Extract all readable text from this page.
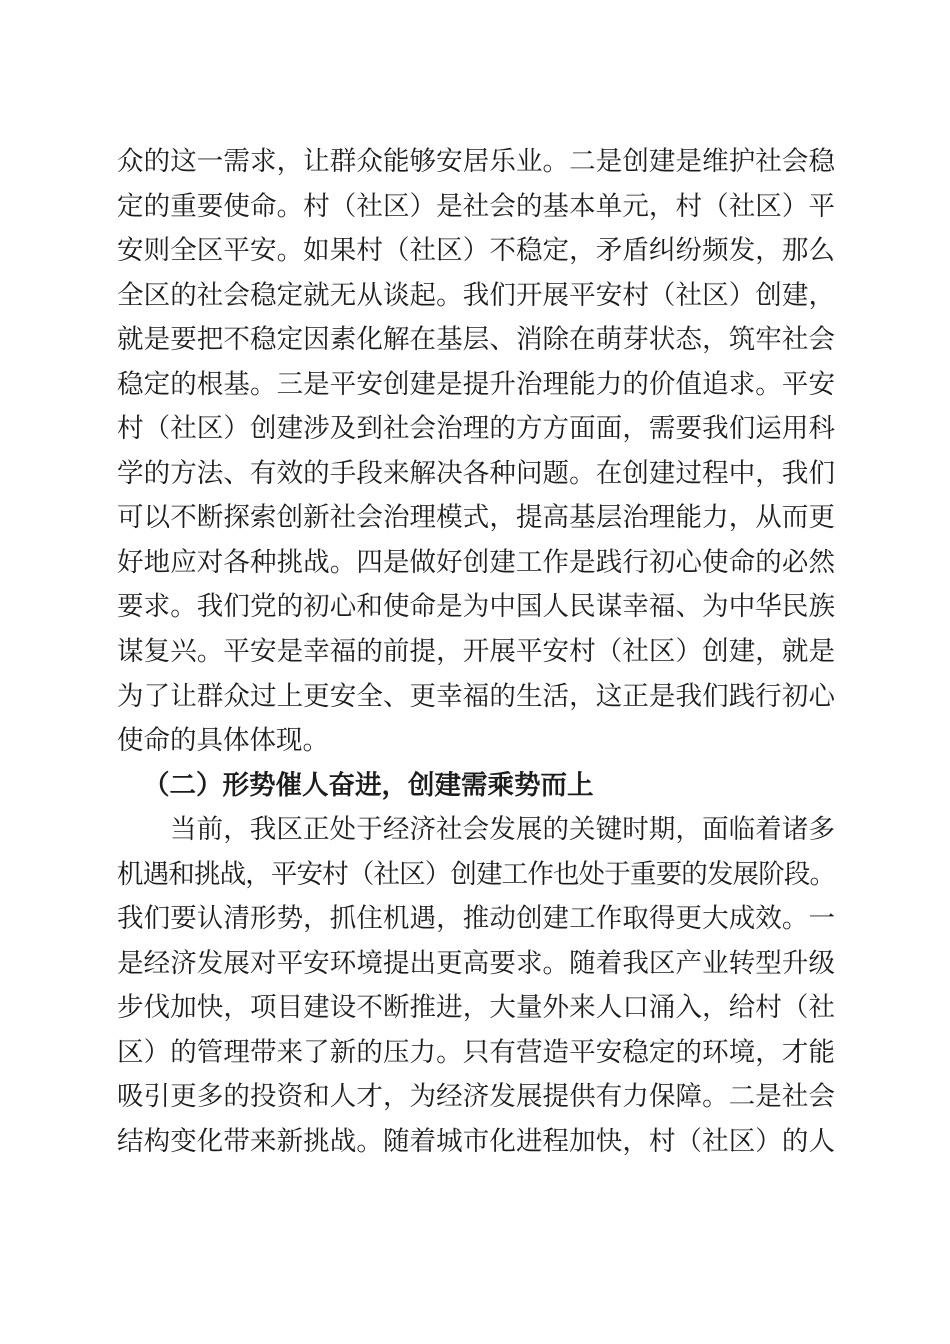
众的这一需求，让群众能够安居乐业。二是创建是维护社会稳
定的重要使命。村（社区）是社会的基本单元，村（社区）平
安则全区平安。如果村（社区）不稳定，矛盾纠纷频发，那么
全区的社会稳定就无从谈起。我们开展平安村（社区）创建，
就是要把不稳定因素化解在基层、消除在萌芽状态，筑牢社会
稳定的根基。三是平安创建是提升治理能力的价值追求。平安
村（社区）创建涉及到社会治理的方方面面，需要我们运用科
学的方法、有效的手段来解决各种问题。在创建过程中，我们
可以不断探索创新社会治理模式，提高基层治理能力，从而更
好地应对各种挑战。四是做好创建工作是践行初心使命的必然
要求。我们党的初心和使命是为中国人民谋幸福、为中华民族
谋复兴。平安是幸福的前提，开展平安村（社区）创建，就是
为了让群众过上更安全、更幸福的生活，这正是我们践行初心
使命的具体体现。
（二）形势催人奋进，创建需乘势而上
当前，我区正处于经济社会发展的关键时期，面临着诸多
机遇和挑战，平安村（社区）创建工作也处于重要的发展阶段。
我们要认清形势，抓住机遇，推动创建工作取得更大成效。一
是经济发展对平安环境提出更高要求。随着我区产业转型升级
步伐加快，项目建设不断推进，大量外来人口涌入，给村（社
区）的管理带来了新的压力。只有营造平安稳定的环境，才能
吸引更多的投资和人才，为经济发展提供有力保障。二是社会
结构变化带来新挑战。随着城市化进程加快，村（社区）的人
